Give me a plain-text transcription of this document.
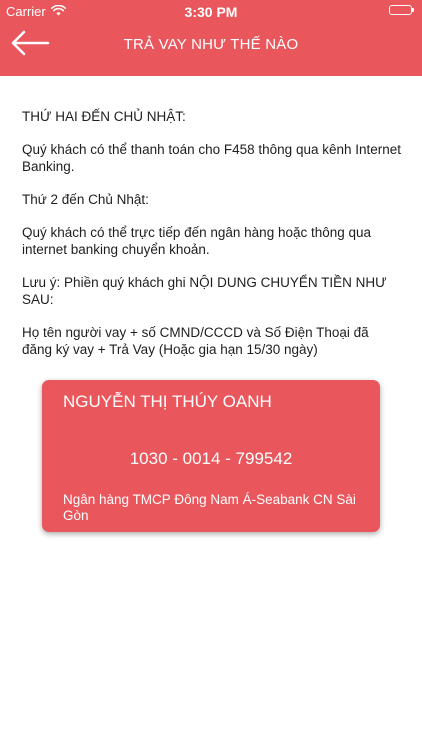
Carrier	3:30 PM
TRẢ VAY NHƯ THẾ NÀO

THỨ HAI ĐẾN CHỦ NHẬT:

Quý khách có thể thanh toán cho F458 thông qua kênh Internet Banking.

Thứ 2 đến Chủ Nhật:

Quý khách có thể trực tiếp đến ngân hàng hoặc thông qua internet banking chuyển khoản.

Lưu ý: Phiền quý khách ghi NỘI DUNG CHUYỂN TIỀN NHƯ SAU:

Họ tên người vay + số CMND/CCCD và Số Điện Thoại đã đăng ký vay + Trả Vay (Hoặc gia hạn 15/30 ngày)

NGUYỄN THỊ THÚY OANH
1030 - 0014 - 799542
Ngân hàng TMCP Đông Nam Á-Seabank CN Sài Gòn
